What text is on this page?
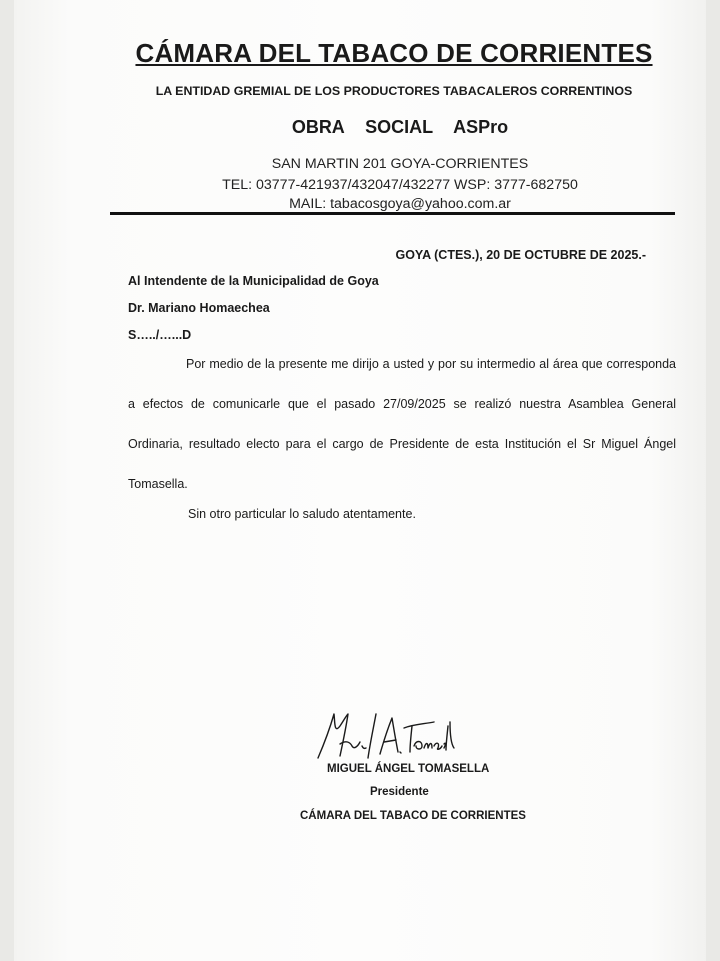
CÁMARA DEL TABACO DE CORRIENTES
LA ENTIDAD GREMIAL DE LOS PRODUCTORES TABACALEROS CORRENTINOS
OBRA SOCIAL ASPro
SAN MARTIN 201 GOYA-CORRIENTES
TEL: 03777-421937/432047/432277 WSP: 3777-682750
MAIL: tabacosgoya@yahoo.com.ar
GOYA (CTES.), 20 DE OCTUBRE DE 2025.-
Al Intendente de la Municipalidad de Goya
Dr. Mariano Homaechea
S…../…...D
Por medio de la presente me dirijo a usted y por su intermedio al área que corresponda a efectos de comunicarle que el pasado 27/09/2025 se realizó nuestra Asamblea General Ordinaria, resultado electo para el cargo de Presidente de esta Institución el Sr Miguel Ángel Tomasella.
Sin otro particular lo saludo atentamente.
MIGUEL ÁNGEL TOMASELLA
Presidente
CÁMARA DEL TABACO DE CORRIENTES
